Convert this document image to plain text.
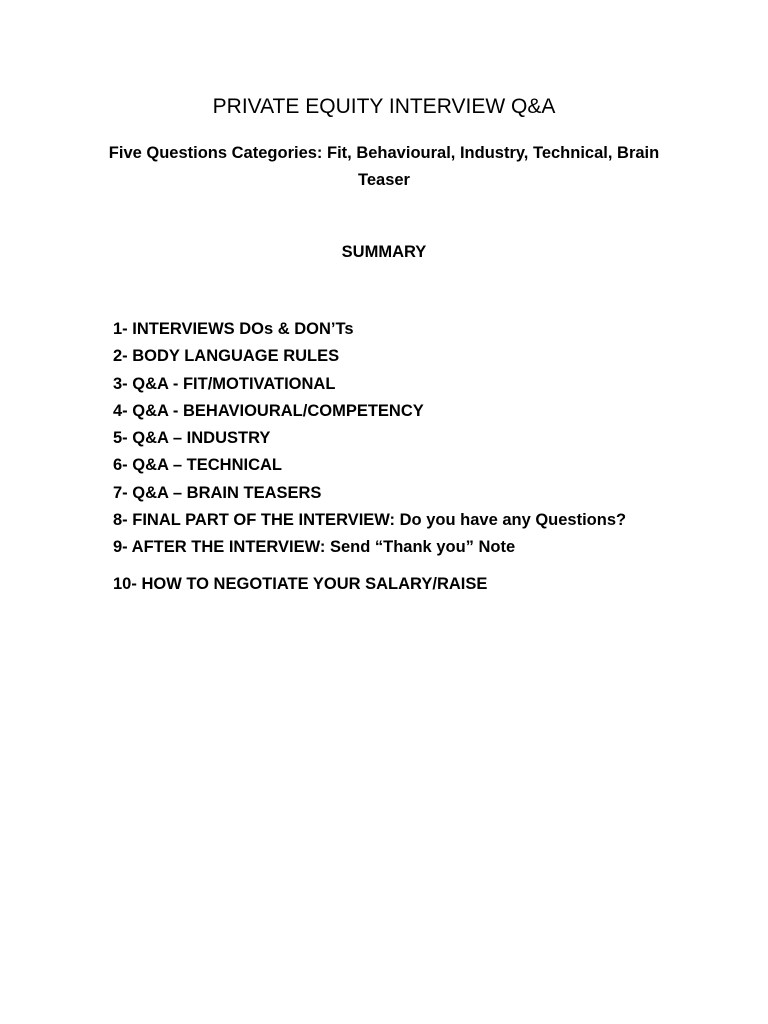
PRIVATE EQUITY INTERVIEW Q&A
Five Questions Categories: Fit, Behavioural, Industry, Technical, Brain Teaser
SUMMARY
1- INTERVIEWS DOs & DON’Ts
2- BODY LANGUAGE RULES
3- Q&A - FIT/MOTIVATIONAL
4- Q&A - BEHAVIOURAL/COMPETENCY
5- Q&A – INDUSTRY
6- Q&A – TECHNICAL
7- Q&A – BRAIN TEASERS
8- FINAL PART OF THE INTERVIEW: Do you have any Questions?
9- AFTER THE INTERVIEW: Send “Thank you” Note
10- HOW TO NEGOTIATE YOUR SALARY/RAISE
